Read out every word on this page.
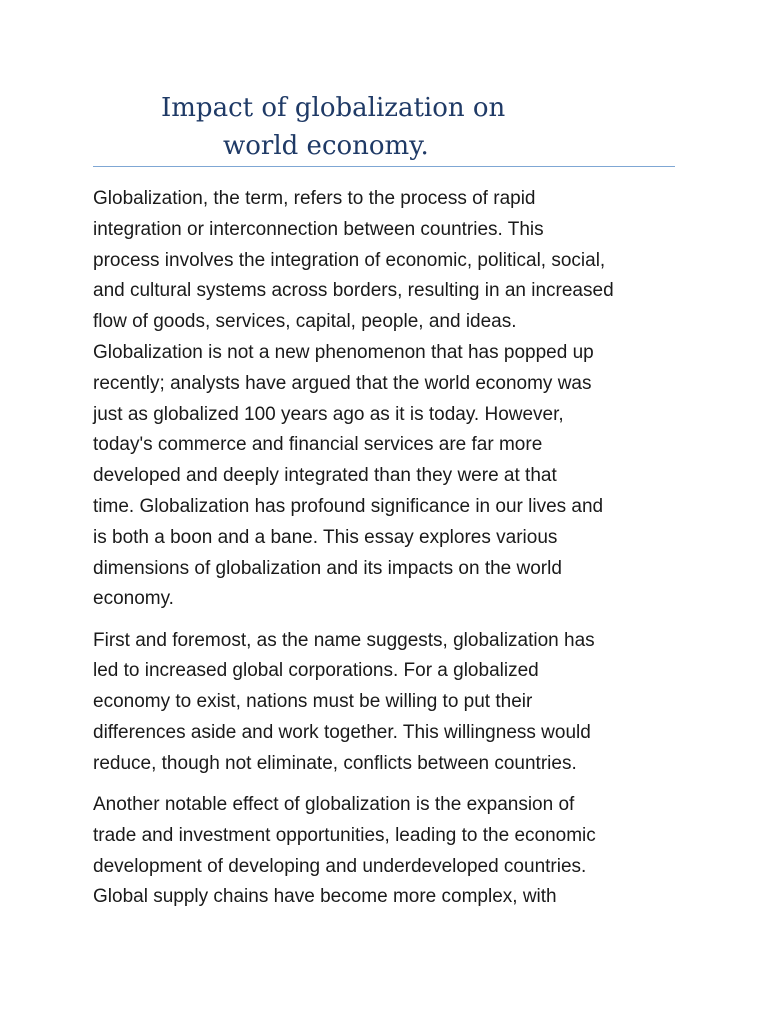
Impact of globalization on
world economy.

Globalization, the term, refers to the process of rapid
integration or interconnection between countries. This
process involves the integration of economic, political, social,
and cultural systems across borders, resulting in an increased
flow of goods, services, capital, people, and ideas.
Globalization is not a new phenomenon that has popped up
recently; analysts have argued that the world economy was
just as globalized 100 years ago as it is today. However,
today's commerce and financial services are far more
developed and deeply integrated than they were at that
time. Globalization has profound significance in our lives and
is both a boon and a bane. This essay explores various
dimensions of globalization and its impacts on the world
economy.

First and foremost, as the name suggests, globalization has
led to increased global corporations. For a globalized
economy to exist, nations must be willing to put their
differences aside and work together. This willingness would
reduce, though not eliminate, conflicts between countries.

Another notable effect of globalization is the expansion of
trade and investment opportunities, leading to the economic
development of developing and underdeveloped countries.
Global supply chains have become more complex, with
